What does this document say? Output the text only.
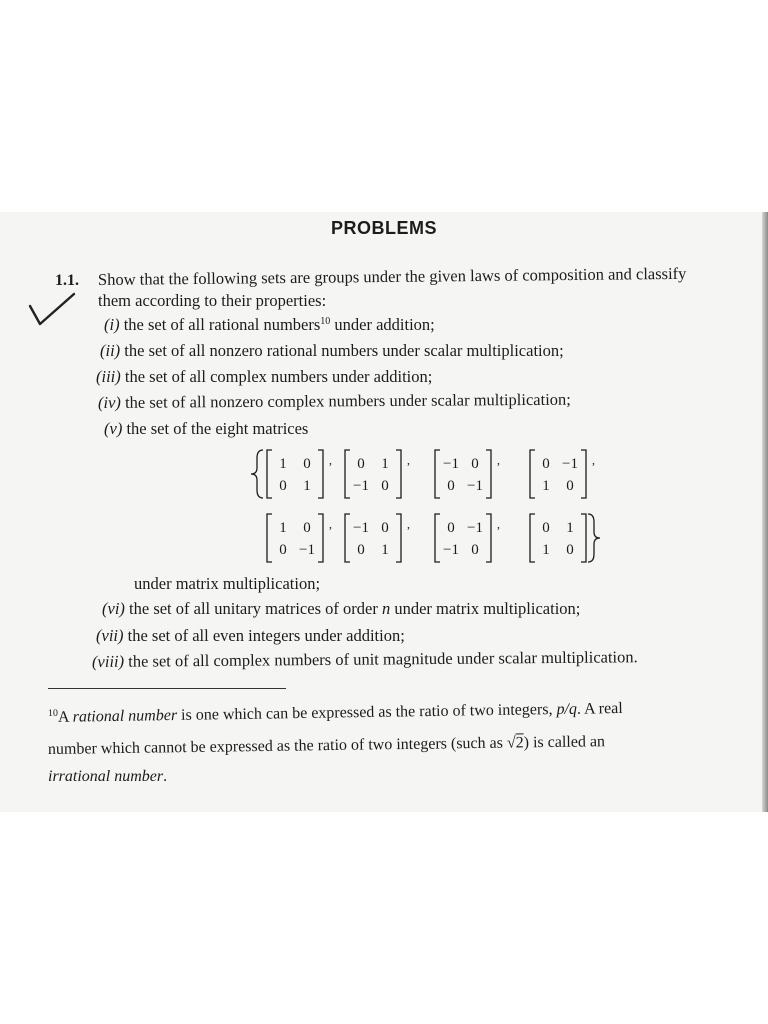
PROBLEMS
1.1. Show that the following sets are groups under the given laws of composition and classify
them according to their properties:
(i) the set of all rational numbers$^{10}$ under addition;
(ii) the set of all nonzero rational numbers under scalar multiplication;
(iii) the set of all complex numbers under addition;
(iv) the set of all nonzero complex numbers under scalar multiplication;
(v) the set of the eight matrices
1 0
0 1
, 0 1
−1 0
, −1 0
0 −1
,	0 −1
1 0
,
1 0
0 −1
, −1 0
0 1
, 0 −1
−1 0
,	0 1
1 0
under matrix multiplication;
(vi) the set of all unitary matrices of order n under matrix multiplication;
(vii) the set of all even integers under addition;
(viii) the set of all complex numbers of unit magnitude under scalar multiplication.
$^{10}$A rational number is one which can be expressed as the ratio of two integers, p/q. A real
number which cannot be expressed as the ratio of two integers (such as √2) is called an
irrational number.
